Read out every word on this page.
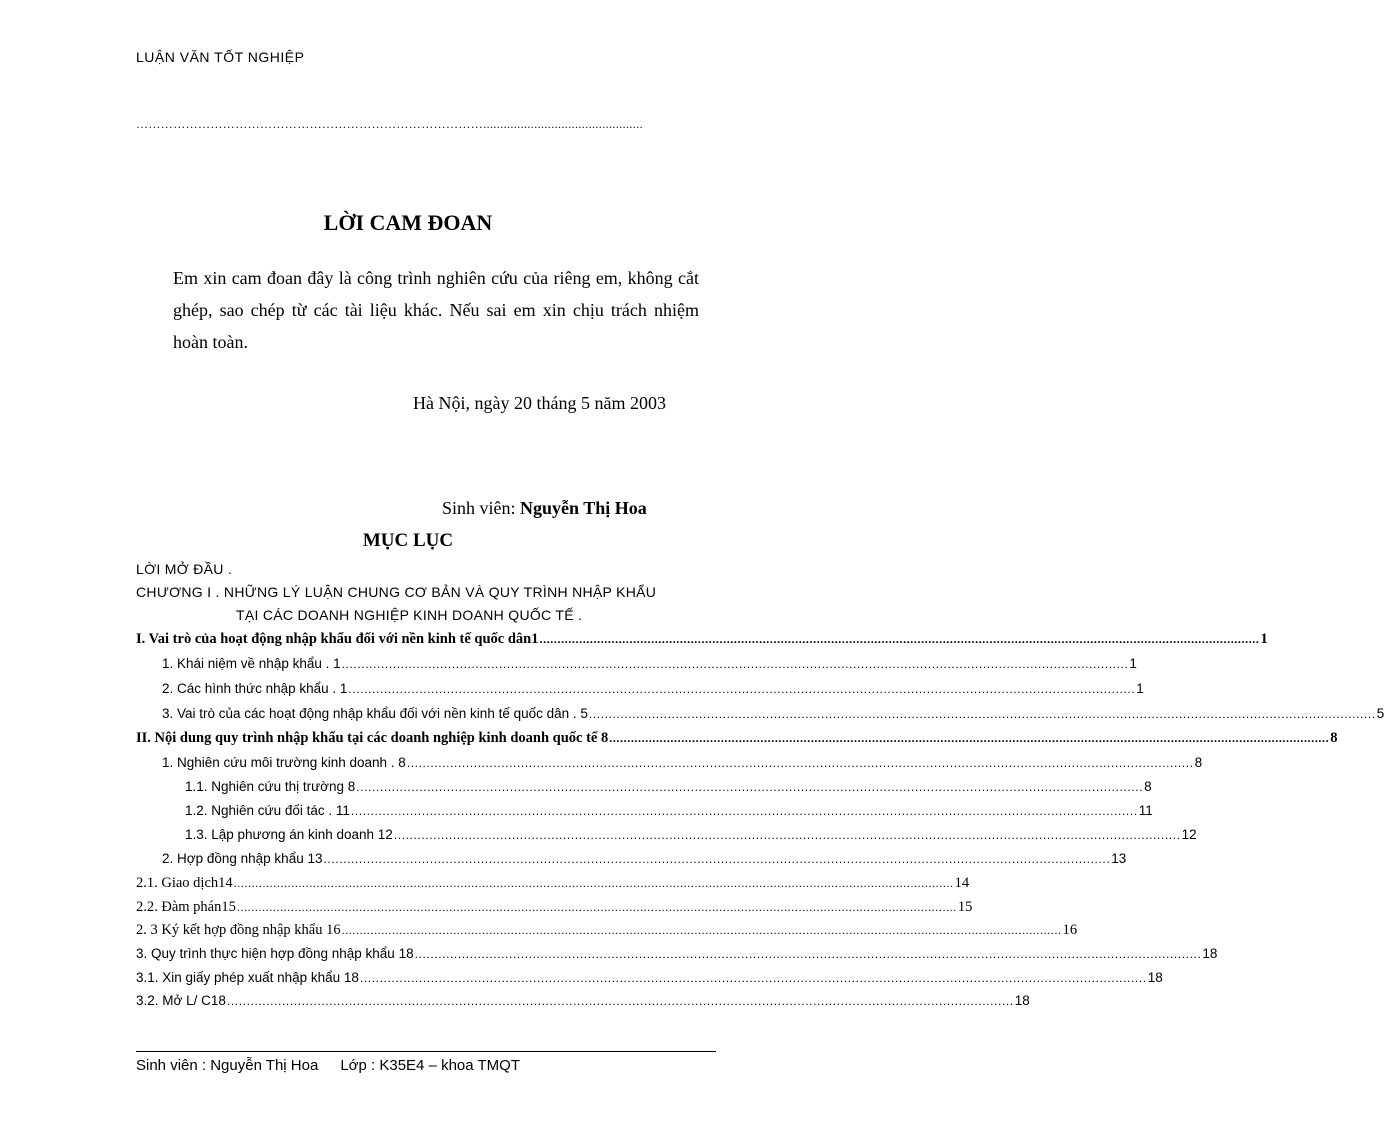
LUẬN VĂN TỐT NGHIỆP
…………………………………………………………………………...............................................
LỜI CAM ĐOAN
Em xin cam đoan đây là công trình nghiên cứu của riêng em, không cắt ghép, sao chép từ các tài liệu khác. Nếu sai em xin chịu trách nhiệm hoàn toàn.
Hà Nội, ngày 20 tháng 5 năm 2003
Sinh viên: Nguyễn Thị Hoa
MỤC LỤC
LỜI MỞ ĐẦU .
CHƯƠNG I . NHỮNG LÝ LUẬN CHUNG CƠ BẢN VÀ QUY TRÌNH NHẬP KHẨU
TẠI CÁC DOANH NGHIỆP KINH DOANH QUỐC TẾ .
I. Vai trò của hoạt động nhập khẩu đối với nền kinh tế quốc dân1 ........................................................................................................................................................................................................ 1
1. Khái niệm về nhập khẩu . 1 ........................................................................................................................................................................................................ 1
2. Các hình thức nhập khẩu . 1 ........................................................................................................................................................................................................ 1
3. Vai trò của các hoạt động nhập khẩu đối với nền kinh tế quốc dân . 5 ........................................................................................................................................................................................................ 5
II. Nội dung quy trình nhập khẩu tại các doanh nghiệp kinh doanh quốc tế 8 ........................................................................................................................................................................................................ 8
1. Nghiên cứu môi trường kinh doanh . 8 ........................................................................................................................................................................................................ 8
1.1. Nghiên cứu thị trường 8 ........................................................................................................................................................................................................ 8
1.2. Nghiên cứu đối tác . 11 ........................................................................................................................................................................................................ 11
1.3. Lập phương án kinh doanh 12 ........................................................................................................................................................................................................ 12
2. Hợp đồng nhập khẩu 13 ........................................................................................................................................................................................................ 13
2.1. Giao dịch14 ........................................................................................................................................................................................................ 14
2.2. Đàm phán15 ........................................................................................................................................................................................................ 15
2. 3 Ký kết hợp đồng nhập khẩu 16 ........................................................................................................................................................................................................ 16
3. Quy trình thực hiện hợp đồng nhập khẩu 18 ........................................................................................................................................................................................................ 18
3.1. Xin giấy phép xuất nhập khẩu 18 ........................................................................................................................................................................................................ 18
3.2. Mở L/ C18 ........................................................................................................................................................................................................ 18
Sinh viên : Nguyễn Thị Hoa Lớp : K35E4 – khoa TMQT
